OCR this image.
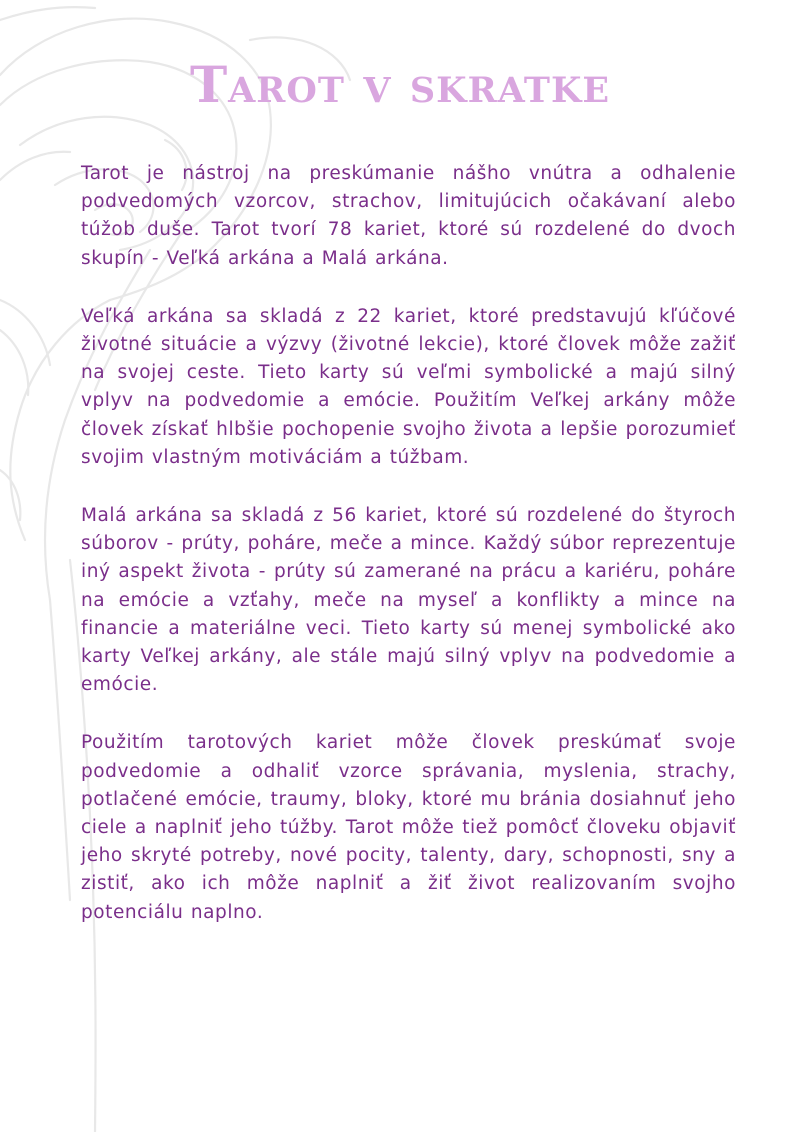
Tarot v skratke

Tarot je nástroj na preskúmanie nášho vnútra a odhalenie podvedomých vzorcov, strachov, limitujúcich očakávaní alebo túžob duše. Tarot tvorí 78 kariet, ktoré sú rozdelené do dvoch skupín - Veľká arkána a Malá arkána.

Veľká arkána sa skladá z 22 kariet, ktoré predstavujú kľúčové životné situácie a výzvy (životné lekcie), ktoré človek môže zažiť na svojej ceste. Tieto karty sú veľmi symbolické a majú silný vplyv na podvedomie a emócie. Použitím Veľkej arkány môže človek získať hlbšie pochopenie svojho života a lepšie porozumieť svojim vlastným motiváciám a túžbam.

Malá arkána sa skladá z 56 kariet, ktoré sú rozdelené do štyroch súborov - prúty, poháre, meče a mince. Každý súbor reprezentuje iný aspekt života - prúty sú zamerané na prácu a kariéru, poháre na emócie a vzťahy, meče na myseľ a konflikty a mince na financie a materiálne veci. Tieto karty sú menej symbolické ako karty Veľkej arkány, ale stále majú silný vplyv na podvedomie a emócie.

Použitím tarotových kariet môže človek preskúmať svoje podvedomie a odhaliť vzorce správania, myslenia, strachy, potlačené emócie, traumy, bloky, ktoré mu bránia dosiahnuť jeho ciele a naplniť jeho túžby. Tarot môže tiež pomôcť človeku objaviť jeho skryté potreby, nové pocity, talenty, dary, schopnosti, sny a zistiť, ako ich môže naplniť a žiť život realizovaním svojho potenciálu naplno.
